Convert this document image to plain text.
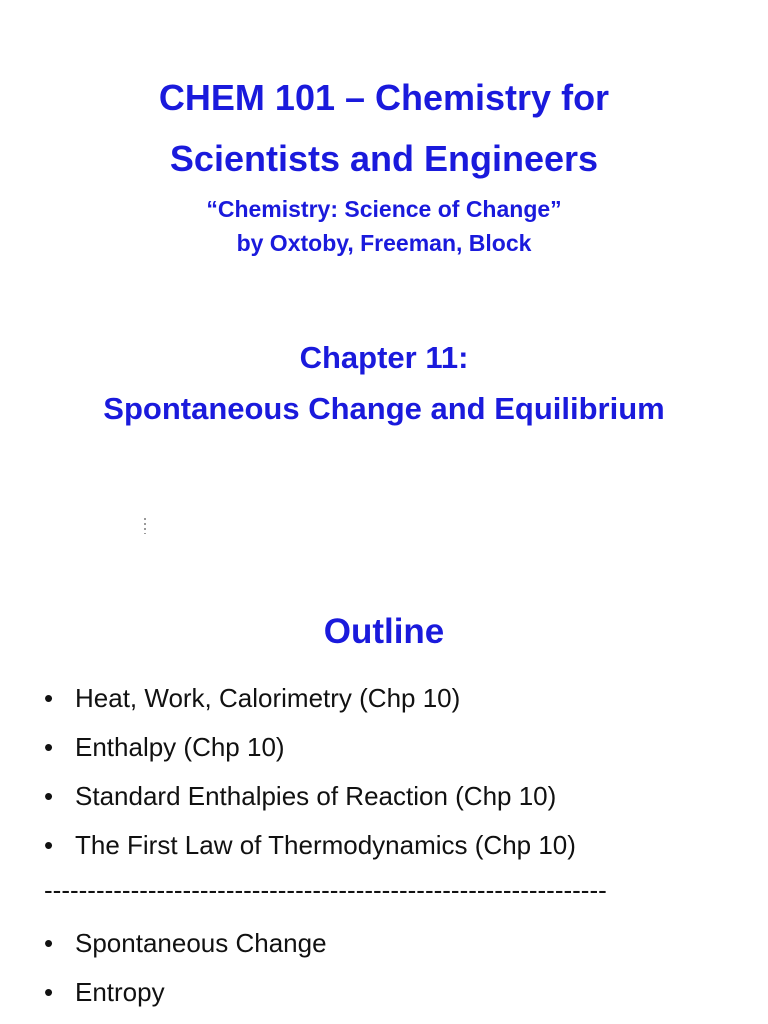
CHEM 101 – Chemistry for
Scientists and Engineers
“Chemistry: Science of Change”
by Oxtoby, Freeman, Block
Chapter 11:
Spontaneous Change and Equilibrium
Outline
• Heat, Work, Calorimetry (Chp 10)
• Enthalpy (Chp 10)
• Standard Enthalpies of Reaction (Chp 10)
• The First Law of Thermodynamics (Chp 10)
-----------------------------------------------------------------
• Spontaneous Change
• Entropy
